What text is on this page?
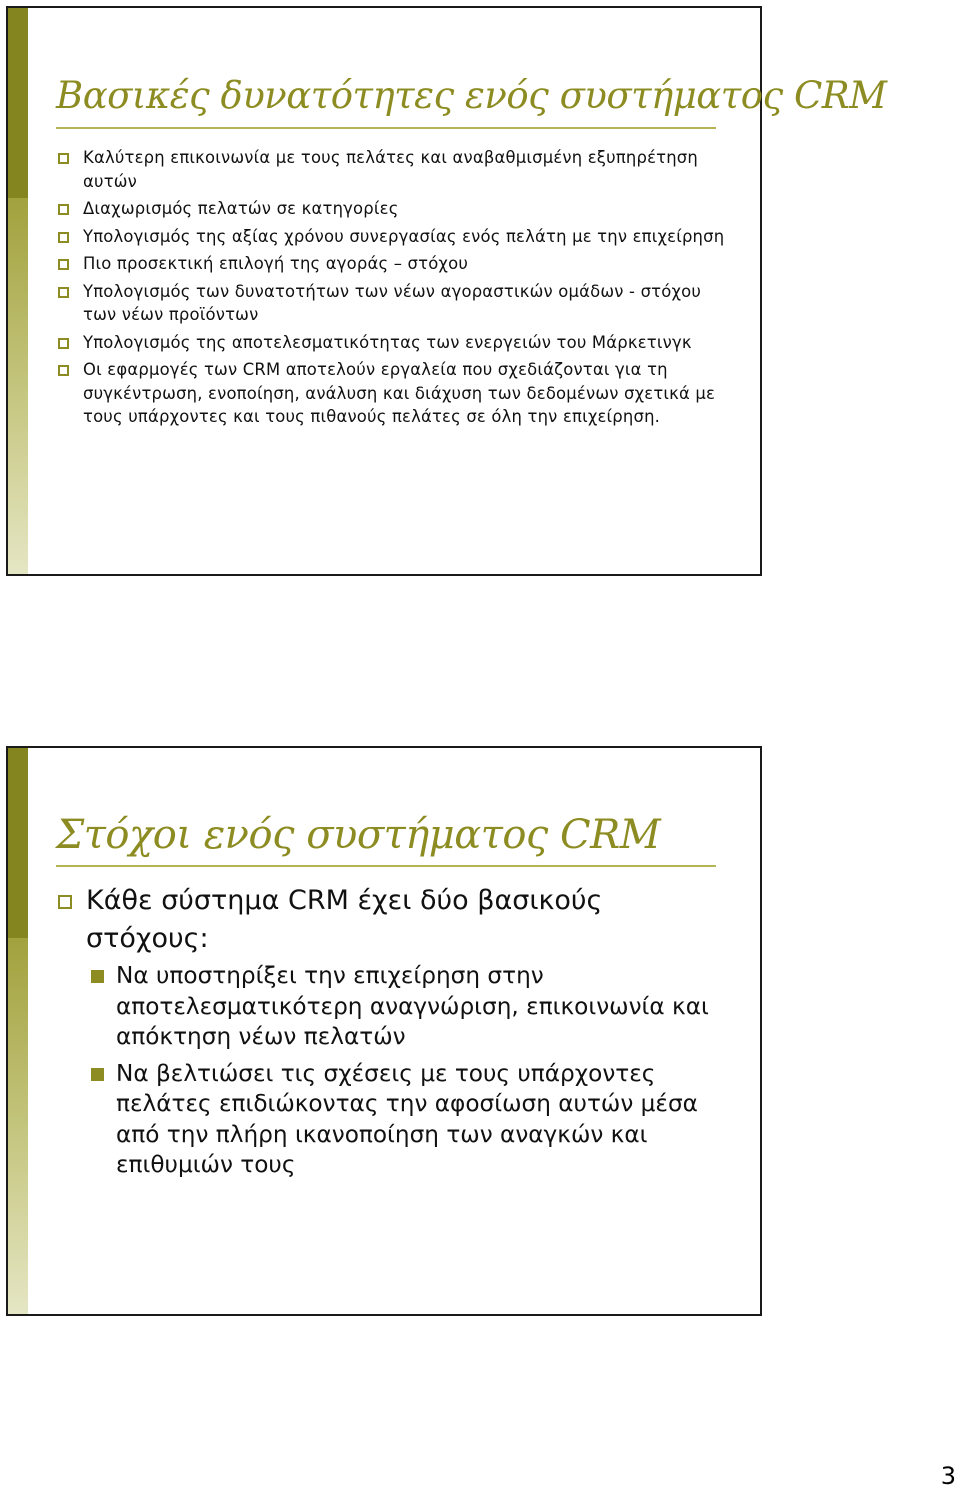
Βασικές δυνατότητες ενός συστήματος CRM
Καλύτερη επικοινωνία με τους πελάτες και αναβαθμισμένη εξυπηρέτηση αυτών
Διαχωρισμός πελατών σε κατηγορίες
Υπολογισμός της αξίας χρόνου συνεργασίας ενός πελάτη με την επιχείρηση
Πιο προσεκτική επιλογή της αγοράς – στόχου
Υπολογισμός των δυνατοτήτων των νέων αγοραστικών ομάδων - στόχου των νέων προϊόντων
Υπολογισμός της αποτελεσματικότητας των ενεργειών του Μάρκετινγκ
Οι εφαρμογές των CRM αποτελούν εργαλεία που σχεδιάζονται για τη συγκέντρωση, ενοποίηση, ανάλυση και διάχυση των δεδομένων σχετικά με τους υπάρχοντες και τους πιθανούς πελάτες σε όλη την επιχείρηση.
Στόχοι ενός συστήματος CRM
Κάθε σύστημα CRM έχει δύο βασικούς στόχους:
Να υποστηρίξει την επιχείρηση στην αποτελεσματικότερη αναγνώριση, επικοινωνία και απόκτηση νέων πελατών
Να βελτιώσει τις σχέσεις με τους υπάρχοντες πελάτες επιδιώκοντας την αφοσίωση αυτών μέσα από την πλήρη ικανοποίηση των αναγκών και επιθυμιών τους
3
